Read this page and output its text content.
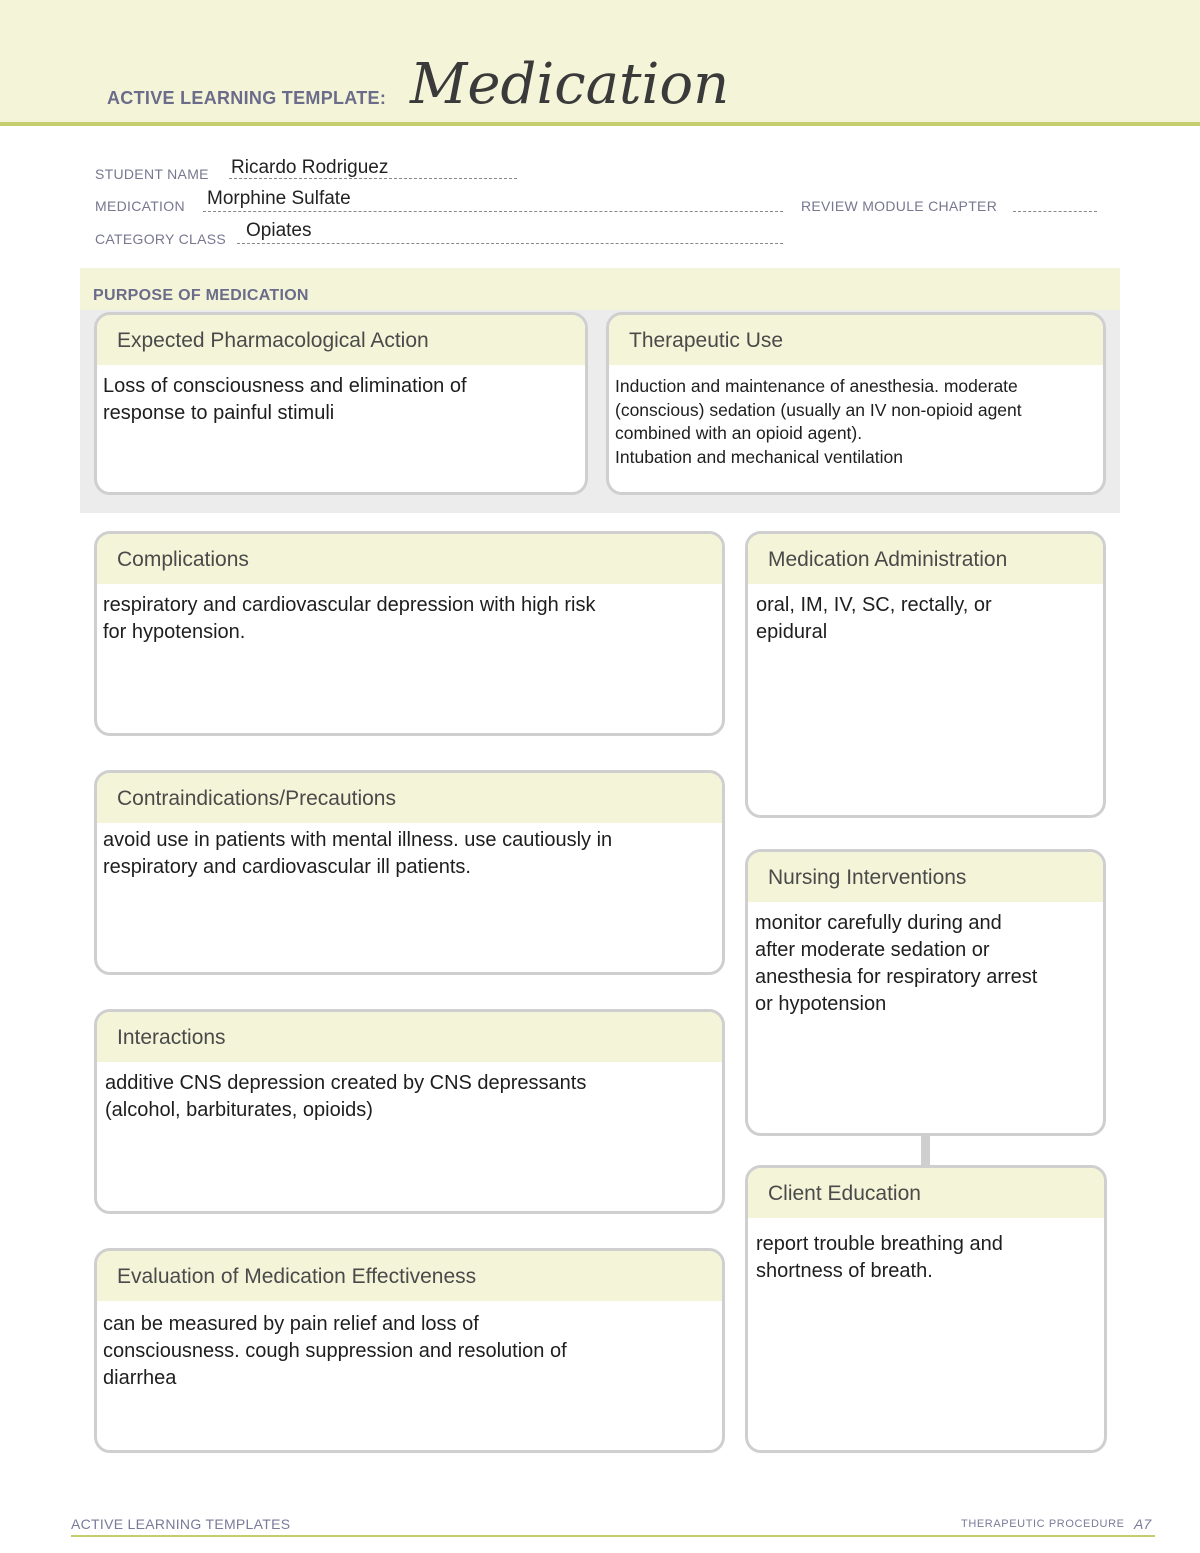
ACTIVE LEARNING TEMPLATE: Medication
STUDENT NAME Ricardo Rodriguez
MEDICATION Morphine Sulfate	REVIEW MODULE CHAPTER
CATEGORY CLASS Opiates
PURPOSE OF MEDICATION
Expected Pharmacological Action
Loss of consciousness and elimination of
response to painful stimuli
Therapeutic Use
Induction and maintenance of anesthesia. moderate
(conscious) sedation (usually an IV non-opioid agent
combined with an opioid agent).
Intubation and mechanical ventilation
Complications
respiratory and cardiovascular depression with high risk
for hypotension.
Contraindications/Precautions
avoid use in patients with mental illness. use cautiously in
respiratory and cardiovascular ill patients.
Interactions
additive CNS depression created by CNS depressants
(alcohol, barbiturates, opioids)
Evaluation of Medication Effectiveness
can be measured by pain relief and loss of
consciousness. cough suppression and resolution of
diarrhea
Medication Administration
oral, IM, IV, SC, rectally, or
epidural
Nursing Interventions
monitor carefully during and
after moderate sedation or
anesthesia for respiratory arrest
or hypotension
Client Education
report trouble breathing and
shortness of breath.
ACTIVE LEARNING TEMPLATES	THERAPEUTIC PROCEDURE A7
